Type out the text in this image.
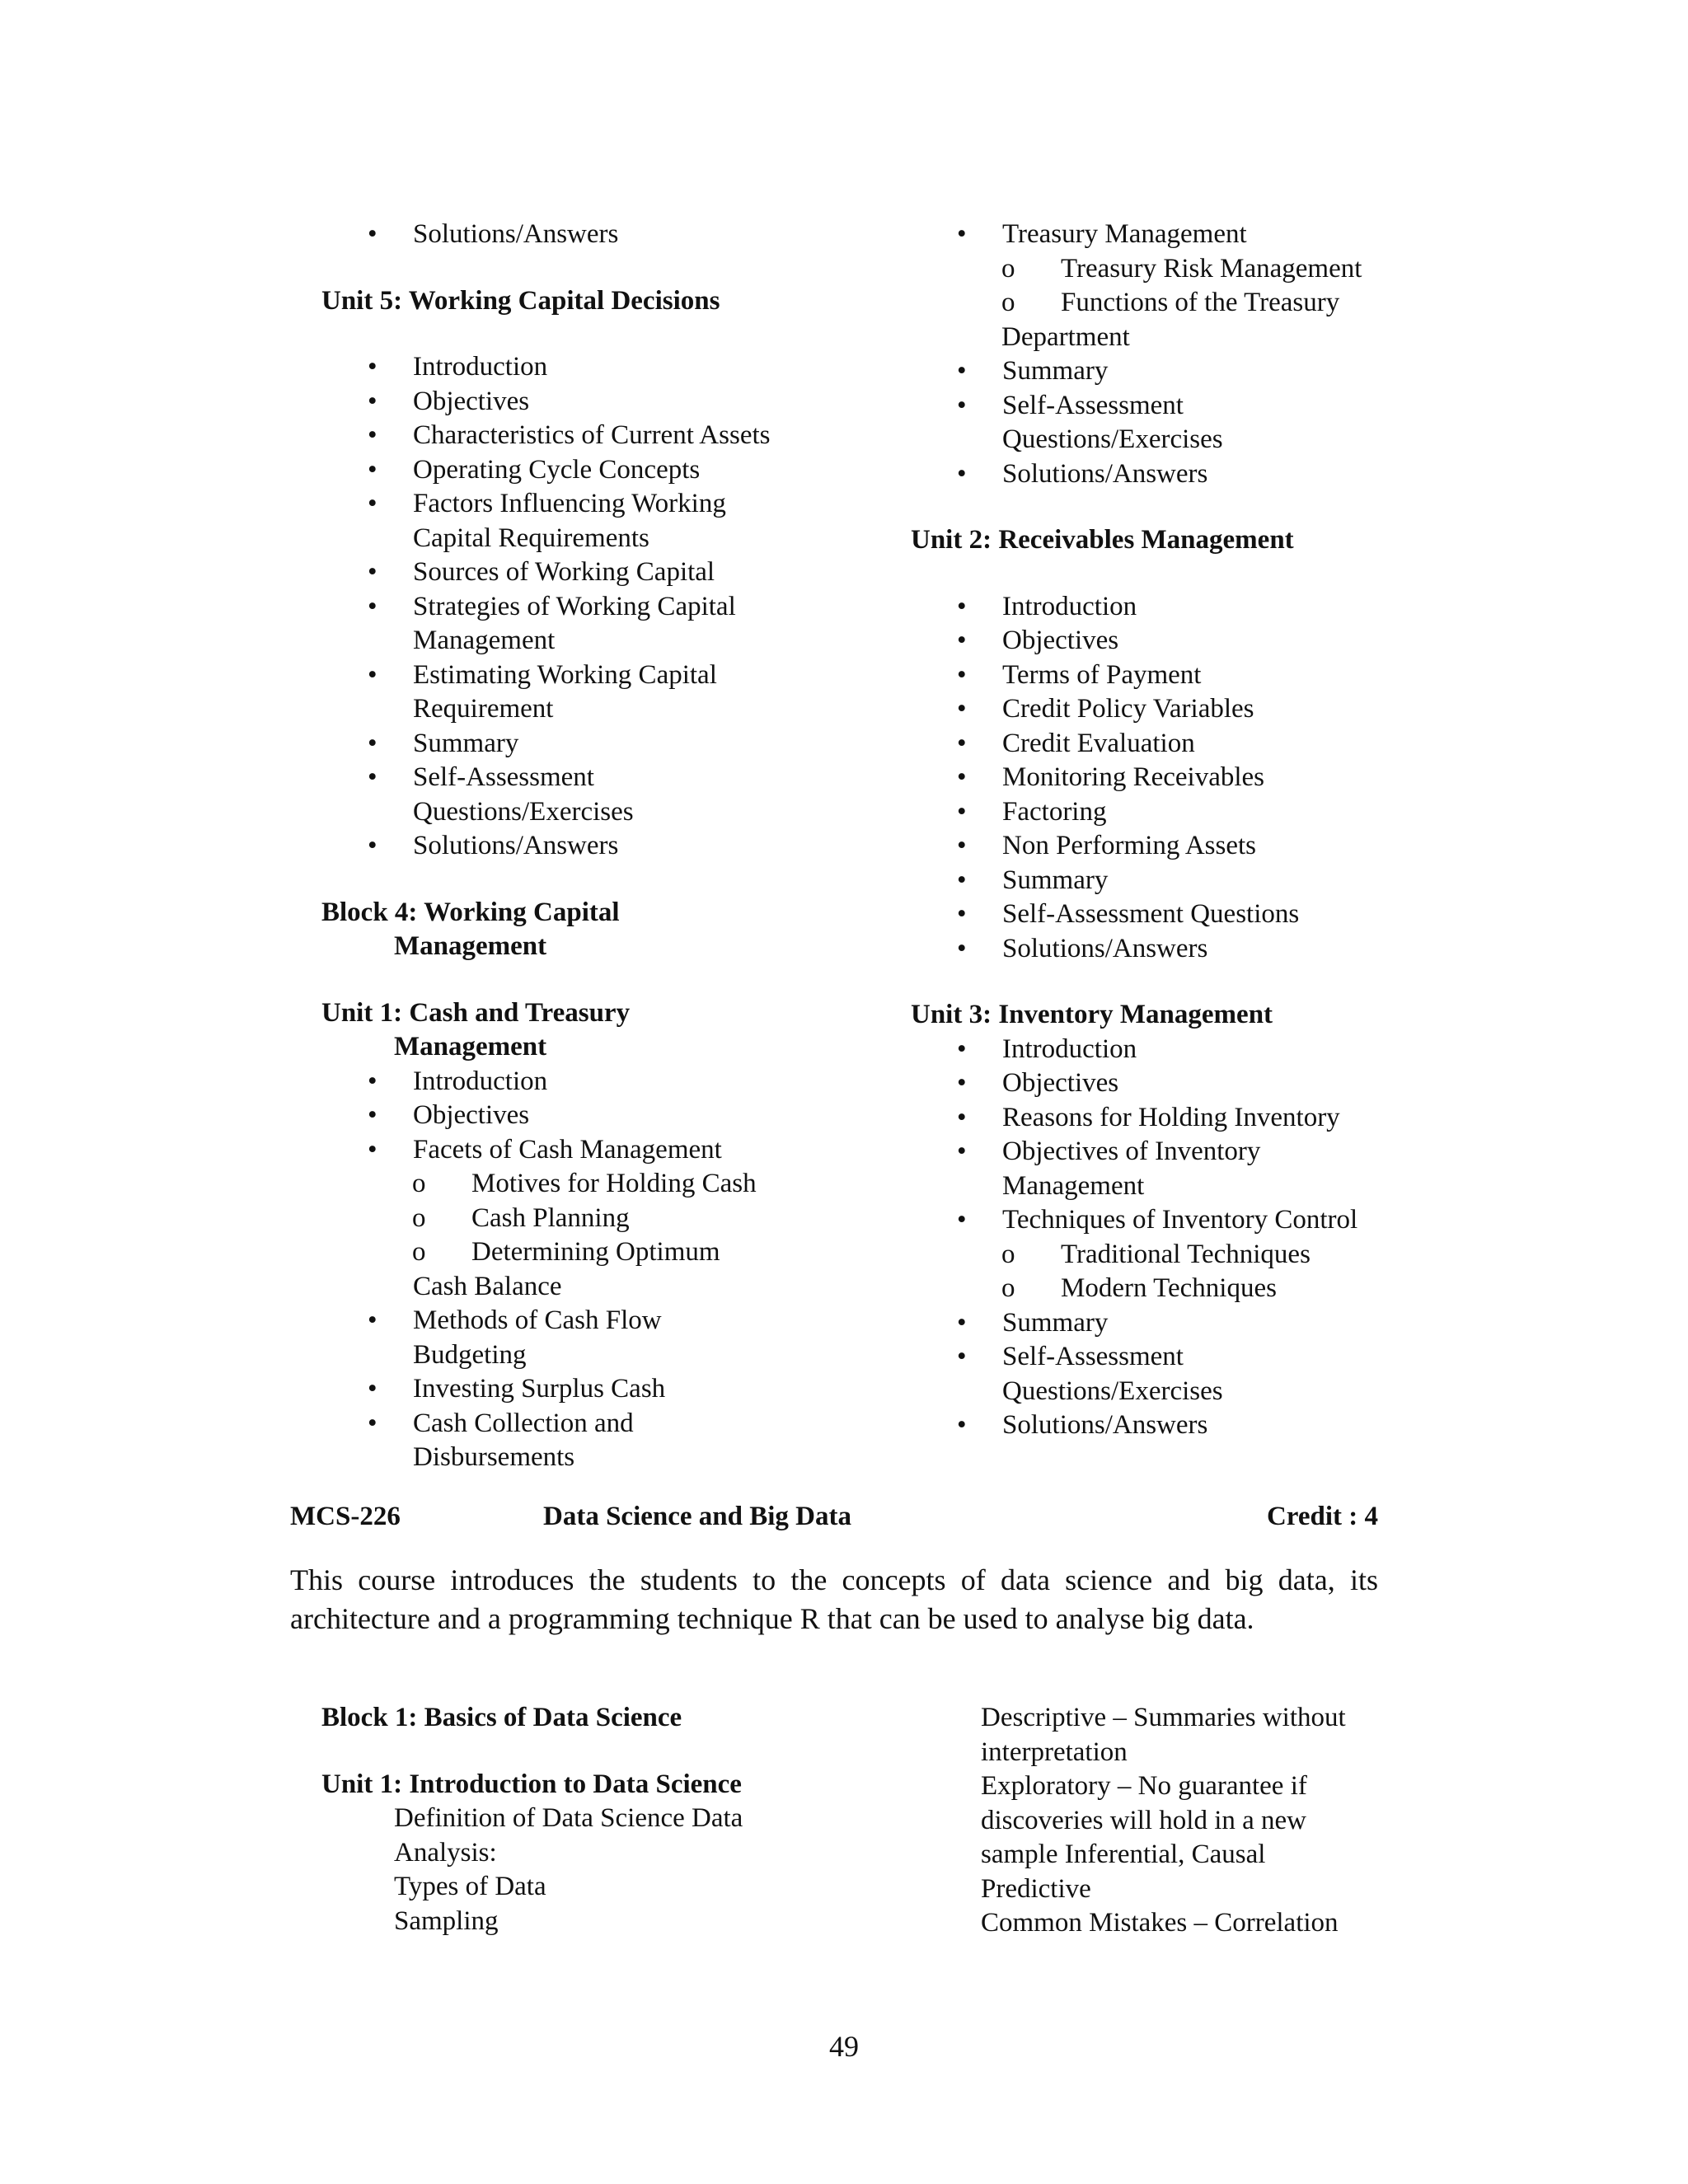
• Solutions/Answers

Unit 5: Working Capital Decisions

• Introduction

• Objectives

• Characteristics of Current Assets

• Operating Cycle Concepts

• Factors Influencing Working

Capital Requirements

• Sources of Working Capital

• Strategies of Working Capital

Management

• Estimating Working Capital

Requirement

• Summary

• Self-Assessment

Questions/Exercises

• Solutions/Answers

Block 4: Working Capital
Management

Unit 1: Cash and Treasury
Management

• Introduction

• Objectives

• Facets of Cash Management

o Motives for Holding Cash

o Cash Planning

o Determining Optimum

Cash Balance

• Methods of Cash Flow

Budgeting

• Investing Surplus Cash

• Cash Collection and

Disbursements

• Treasury Management

o Treasury Risk Management

o Functions of the Treasury

Department

• Summary

• Self-Assessment

Questions/Exercises

• Solutions/Answers

Unit 2: Receivables Management

• Introduction

• Objectives

• Terms of Payment

• Credit Policy Variables

• Credit Evaluation

• Monitoring Receivables

• Factoring

• Non Performing Assets

• Summary

• Self-Assessment Questions

• Solutions/Answers

Unit 3: Inventory Management

• Introduction

• Objectives

• Reasons for Holding Inventory

• Objectives of Inventory

Management

• Techniques of Inventory Control

o Traditional Techniques

o Modern Techniques

• Summary

• Self-Assessment

Questions/Exercises

• Solutions/Answers

MCS-226	Data Science and Big Data	Credit : 4

This course introduces the students to the concepts of data science and big data, its architecture and a programming technique R that can be used to analyse big data.

Block 1: Basics of Data Science

Unit 1: Introduction to Data Science

Definition of Data Science Data

Analysis:

Types of Data

Sampling

Descriptive – Summaries without

interpretation

Exploratory – No guarantee if

discoveries will hold in a new

sample Inferential, Causal

Predictive

Common Mistakes – Correlation

49
